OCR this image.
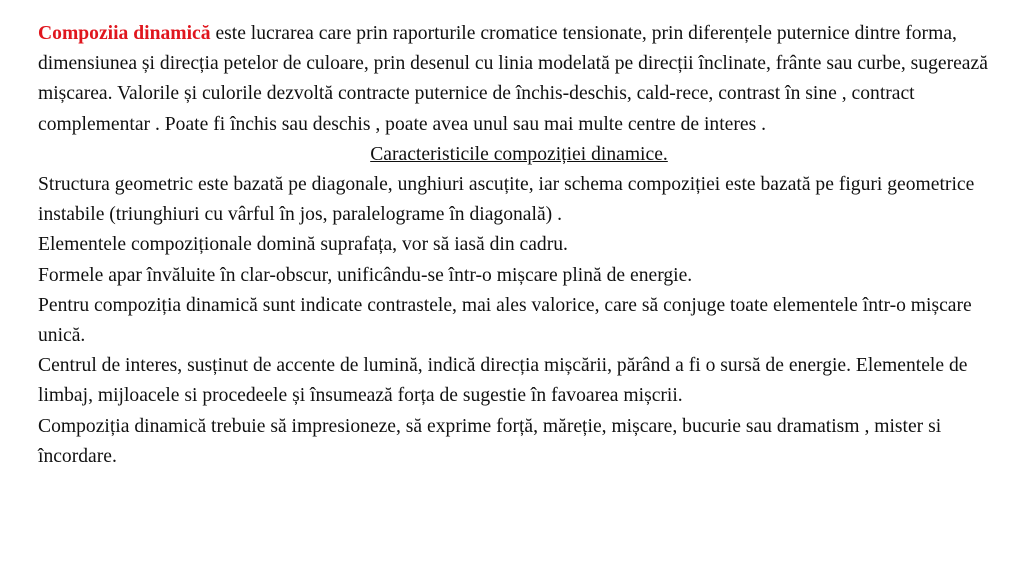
Compoziia dinamică este lucrarea care prin raporturile cromatice tensionate, prin diferențele puternice dintre forma, dimensiunea și direcția petelor de culoare, prin desenul cu linia modelată pe direcții înclinate, frânte sau curbe, sugerează mișcarea. Valorile și culorile dezvoltă contracte puternice de închis-deschis, cald-rece, contrast în sine , contract complementar . Poate fi închis sau deschis , poate avea unul sau mai multe centre de interes .

Caracteristicile compoziției dinamice.

Structura geometric este bazată pe diagonale, unghiuri ascuțite, iar schema compoziției este bazată pe figuri geometrice instabile (triunghiuri cu vârful în jos, paralelograme în diagonală) .

Elementele compoziționale domină suprafața, vor să iasă din cadru.

Formele apar învăluite în clar-obscur, unificându-se într-o mișcare plină de energie.

Pentru compoziția dinamică sunt indicate contrastele, mai ales valorice, care să conjuge toate elementele într-o mișcare unică.

Centrul de interes, susținut de accente de lumină, indică direcția mișcării, părând a fi o sursă de energie. Elementele de limbaj, mijloacele si procedeele și însumează forța de sugestie în favoarea mișcrii.

Compoziția dinamică trebuie să impresioneze, să exprime forță, măreție, mișcare, bucurie sau dramatism , mister si încordare.
